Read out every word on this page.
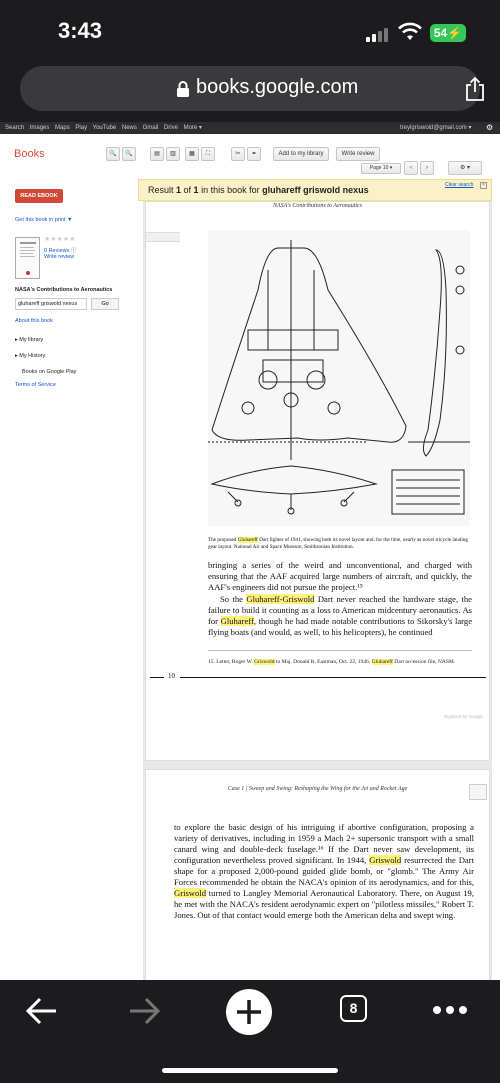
3:43	54⚡
books.google.com
Search Images Maps Play YouTube News Gmail Drive More ▾	treylgriswold@gmail.com ▾ ⚙
Books	🔍	🔍	▤	▥	▦	⛶	✂	⚭	Add to my library	Write review
Page 10 ▾	‹	›	⚙ ▾
READ EBOOK
Get this book in print ▼
★★★★★
0 Reviews ⓘ
Write review
NASA's Contributions to Aeronautics
gluhareff griswold nexus	Go
About this book
▸ My library
▸ My History
Books on Google Play
Terms of Service
Result 1 of 1 in this book for gluhareff griswold nexus	Clear search	×
NASA's Contributions to Aeronautics
The proposed Gluhareff Dart fighter of 1941, showing both its novel layout and, for the time, nearly as novel tricycle landing gear layout. National Air and Space Museum, Smithsonian Institution.
bringing a series of the weird and unconventional, and charged with ensuring that the AAF acquired large numbers of aircraft, and quickly, the AAF's engineers did not pursue the project.¹⁵
So the Gluhareff-Griswold Dart never reached the hardware stage, the failure to build it counting as a loss to American midcentury aeronautics. As for Gluhareff, though he had made notable contributions to Sikorsky's large flying boats (and would, as well, to his helicopters), he continued
15. Letter, Roger W. Griswold to Maj. Donald R. Eastman, Oct. 22, 1946, Gluhareff Dart accession file, NASM.
10
Digitized by Google
Case 1 | Sweep and Swing: Reshaping the Wing for the Jet and Rocket Age
to explore the basic design of his intriguing if abortive configuration, proposing a variety of derivatives, including in 1959 a Mach 2+ supersonic transport with a small canard wing and double-deck fuselage.¹⁶ If the Dart never saw development, its configuration nevertheless proved significant. In 1944, Griswold resurrected the Dart shape for a proposed 2,000-pound guided glide bomb, or "glomb." The Army Air Forces recommended he obtain the NACA's opinion of its aerodynamics, and for this, Griswold turned to Langley Memorial Aeronautical Laboratory. There, on August 19, he met with the NACA's resident aerodynamic expert on "pilotless missiles," Robert T. Jones. Out of that contact would emerge both the American delta and swept wing.
8
